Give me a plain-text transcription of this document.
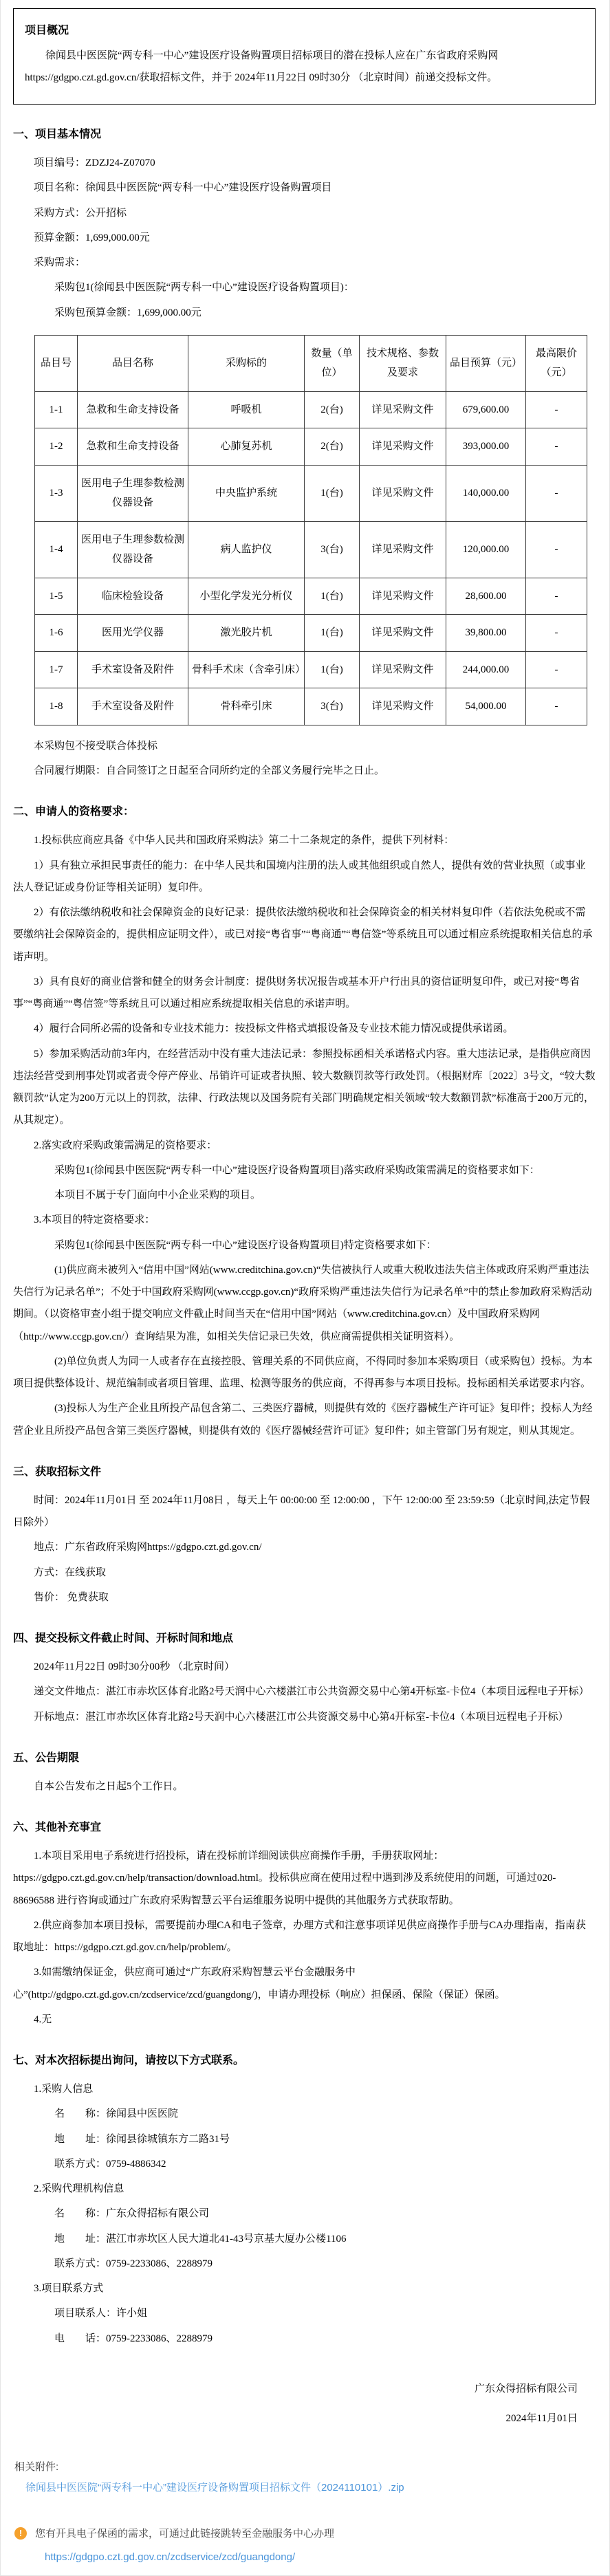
项目概况

徐闻县中医医院“两专科一中心”建设医疗设备购置项目招标项目的潜在投标人应在广东省政府采购网https://gdgpo.czt.gd.gov.cn/获取招标文件，并于 2024年11月22日 09时30分 （北京时间）前递交投标文件。

一、项目基本情况

项目编号：ZDZJ24-Z07070

项目名称：徐闻县中医医院“两专科一中心”建设医疗设备购置项目

采购方式：公开招标

预算金额：1,699,000.00元

采购需求：

采购包1(徐闻县中医医院“两专科一中心”建设医疗设备购置项目)：

采购包预算金额：1,699,000.00元

品目号	品目名称	采购标的	数量（单位）	技术规格、参数及要求	品目预算（元）	最高限价（元）
1-1	急救和生命支持设备	呼吸机	2(台)	详见采购文件	679,600.00	-
1-2	急救和生命支持设备	心肺复苏机	2(台)	详见采购文件	393,000.00	-
1-3	医用电子生理参数检测仪器设备	中央监护系统	1(台)	详见采购文件	140,000.00	-
1-4	医用电子生理参数检测仪器设备	病人监护仪	3(台)	详见采购文件	120,000.00	-
1-5	临床检验设备	小型化学发光分析仪	1(台)	详见采购文件	28,600.00	-
1-6	医用光学仪器	激光胶片机	1(台)	详见采购文件	39,800.00	-
1-7	手术室设备及附件	骨科手术床（含牵引床）	1(台)	详见采购文件	244,000.00	-
1-8	手术室设备及附件	骨科牵引床	3(台)	详见采购文件	54,000.00	-

本采购包不接受联合体投标

合同履行期限：自合同签订之日起至合同所约定的全部义务履行完毕之日止。

二、申请人的资格要求：

1.投标供应商应具备《中华人民共和国政府采购法》第二十二条规定的条件，提供下列材料：

1）具有独立承担民事责任的能力：在中华人民共和国境内注册的法人或其他组织或自然人，提供有效的营业执照（或事业法人登记证或身份证等相关证明）复印件。

2）有依法缴纳税收和社会保障资金的良好记录：提供依法缴纳税收和社会保障资金的相关材料复印件（若依法免税或不需要缴纳社会保障资金的，提供相应证明文件），或已对接“粤省事”“粤商通”“粤信签”等系统且可以通过相应系统提取相关信息的承诺声明。

3）具有良好的商业信誉和健全的财务会计制度：提供财务状况报告或基本开户行出具的资信证明复印件，或已对接“粤省事”“粤商通”“粤信签”等系统且可以通过相应系统提取相关信息的承诺声明。

4）履行合同所必需的设备和专业技术能力：按投标文件格式填报设备及专业技术能力情况或提供承诺函。

5）参加采购活动前3年内，在经营活动中没有重大违法记录：参照投标函相关承诺格式内容。重大违法记录，是指供应商因违法经营受到刑事处罚或者责令停产停业、吊销许可证或者执照、较大数额罚款等行政处罚。（根据财库〔2022〕3号文，“较大数额罚款”认定为200万元以上的罚款，法律、行政法规以及国务院有关部门明确规定相关领域“较大数额罚款”标准高于200万元的，从其规定）。

2.落实政府采购政策需满足的资格要求：

采购包1(徐闻县中医医院“两专科一中心”建设医疗设备购置项目)落实政府采购政策需满足的资格要求如下：

本项目不属于专门面向中小企业采购的项目。

3.本项目的特定资格要求：

采购包1(徐闻县中医医院“两专科一中心”建设医疗设备购置项目)特定资格要求如下：

(1)供应商未被列入“信用中国”网站(www.creditchina.gov.cn)“失信被执行人或重大税收违法失信主体或政府采购严重违法失信行为记录名单”；不处于中国政府采购网(www.ccgp.gov.cn)“政府采购严重违法失信行为记录名单”中的禁止参加政府采购活动期间。（以资格审查小组于提交响应文件截止时间当天在“信用中国”网站（www.creditchina.gov.cn）及中国政府采购网（http://www.ccgp.gov.cn/）查询结果为准，如相关失信记录已失效，供应商需提供相关证明资料）。

(2)单位负责人为同一人或者存在直接控股、管理关系的不同供应商，不得同时参加本采购项目（或采购包）投标。为本项目提供整体设计、规范编制或者项目管理、监理、检测等服务的供应商，不得再参与本项目投标。投标函相关承诺要求内容。

(3)投标人为生产企业且所投产品包含第二、三类医疗器械，则提供有效的《医疗器械生产许可证》复印件；投标人为经营企业且所投产品包含第三类医疗器械，则提供有效的《医疗器械经营许可证》复印件；如主管部门另有规定，则从其规定。

三、获取招标文件

时间：2024年11月01日 至 2024年11月08日 ，每天上午 00:00:00 至 12:00:00 ，下午 12:00:00 至 23:59:59（北京时间,法定节假日除外）

地点：广东省政府采购网https://gdgpo.czt.gd.gov.cn/

方式：在线获取

售价： 免费获取

四、提交投标文件截止时间、开标时间和地点

2024年11月22日 09时30分00秒 （北京时间）

递交文件地点：湛江市赤坎区体育北路2号天润中心六楼湛江市公共资源交易中心第4开标室-卡位4（本项目远程电子开标）

开标地点：湛江市赤坎区体育北路2号天润中心六楼湛江市公共资源交易中心第4开标室-卡位4（本项目远程电子开标）

五、公告期限

自本公告发布之日起5个工作日。

六、其他补充事宜

1.本项目采用电子系统进行招投标，请在投标前详细阅读供应商操作手册，手册获取网址：https://gdgpo.czt.gd.gov.cn/help/transaction/download.html。投标供应商在使用过程中遇到涉及系统使用的问题，可通过020-88696588 进行咨询或通过广东政府采购智慧云平台运维服务说明中提供的其他服务方式获取帮助。

2.供应商参加本项目投标，需要提前办理CA和电子签章，办理方式和注意事项详见供应商操作手册与CA办理指南，指南获取地址：https://gdgpo.czt.gd.gov.cn/help/problem/。

3.如需缴纳保证金，供应商可通过“广东政府采购智慧云平台金融服务中心”(http://gdgpo.czt.gd.gov.cn/zcdservice/zcd/guangdong/)，申请办理投标（响应）担保函、保险（保证）保函。

4.无

七、对本次招标提出询问，请按以下方式联系。

1.采购人信息

名　　称：徐闻县中医医院

地　　址：徐闻县徐城镇东方二路31号

联系方式：0759-4886342

2.采购代理机构信息

名　　称：广东众得招标有限公司

地　　址：湛江市赤坎区人民大道北41-43号京基大厦办公楼1106

联系方式：0759-2233086、2288979

3.项目联系方式

项目联系人：许小姐

电　　话：0759-2233086、2288979

广东众得招标有限公司

2024年11月01日

相关附件:
徐闻县中医医院“两专科一中心”建设医疗设备购置项目招标文件（2024110101）.zip
!	您有开具电子保函的需求，可通过此链接跳转至金融服务中心办理
https://gdgpo.czt.gd.gov.cn/zcdservice/zcd/guangdong/
